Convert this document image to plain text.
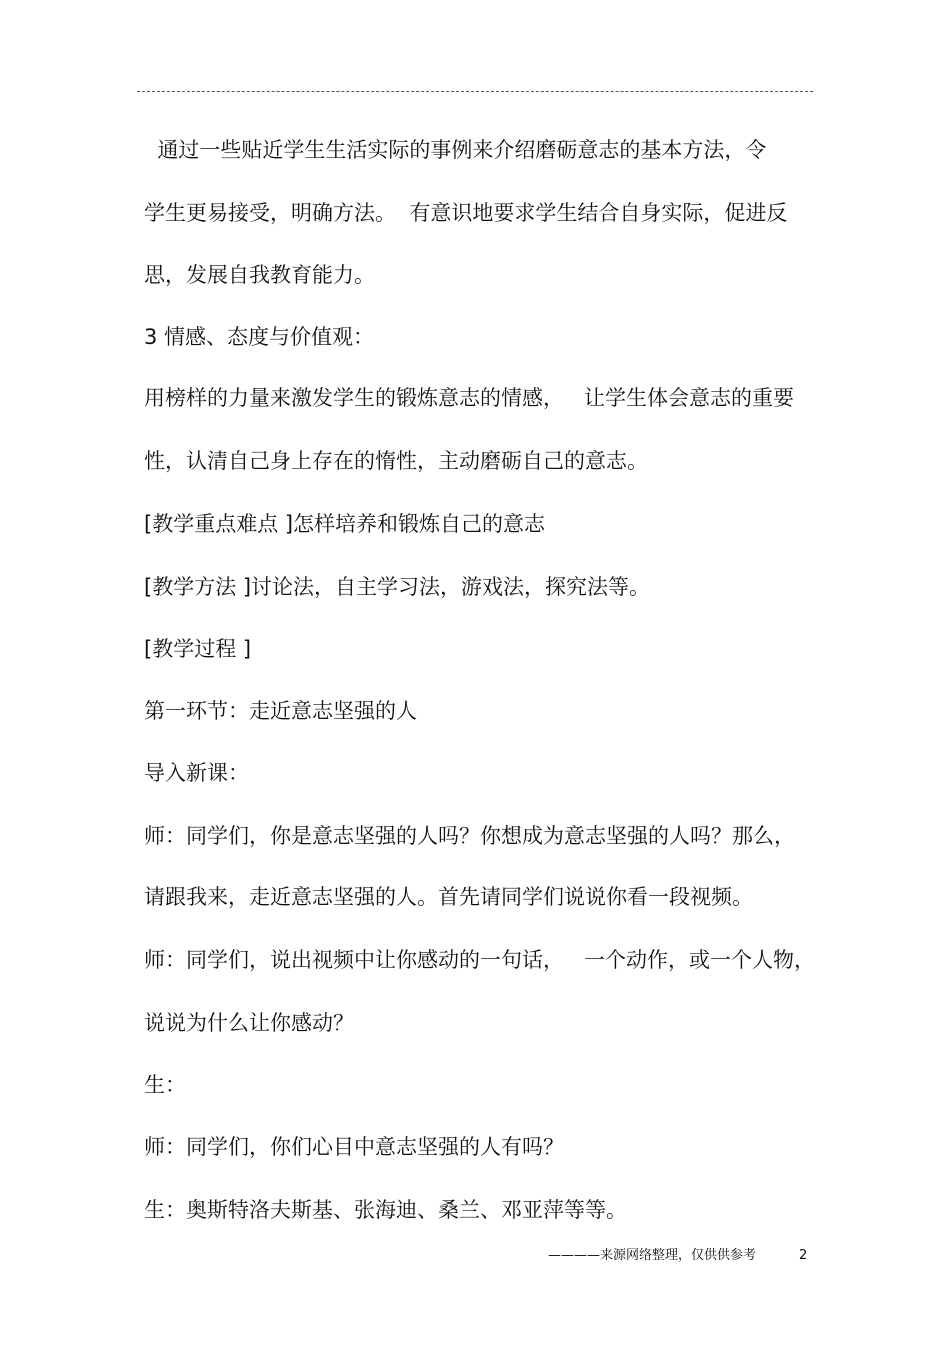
通过一些贴近学生生活实际的事例来介绍磨砺意志的基本方法，令
学生更易接受，明确方法。  有意识地要求学生结合自身实际，促进反
思，发展自我教育能力。
3 情感、态度与价值观：
用榜样的力量来激发学生的锻炼意志的情感，   让学生体会意志的重要
性，认清自己身上存在的惰性，主动磨砺自己的意志。
[教学重点难点 ]怎样培养和锻炼自己的意志
[教学方法 ]讨论法，自主学习法，游戏法，探究法等。
[教学过程 ]
第一环节：走近意志坚强的人
导入新课：
师：同学们，你是意志坚强的人吗？你想成为意志坚强的人吗？那么，
请跟我来，走近意志坚强的人。首先请同学们说说你看一段视频。
师：同学们，说出视频中让你感动的一句话，   一个动作，或一个人物，
说说为什么让你感动？
生：
师：同学们，你们心目中意志坚强的人有吗？
生：奥斯特洛夫斯基、张海迪、桑兰、邓亚萍等等。
————来源网络整理，仅供供参考	2
